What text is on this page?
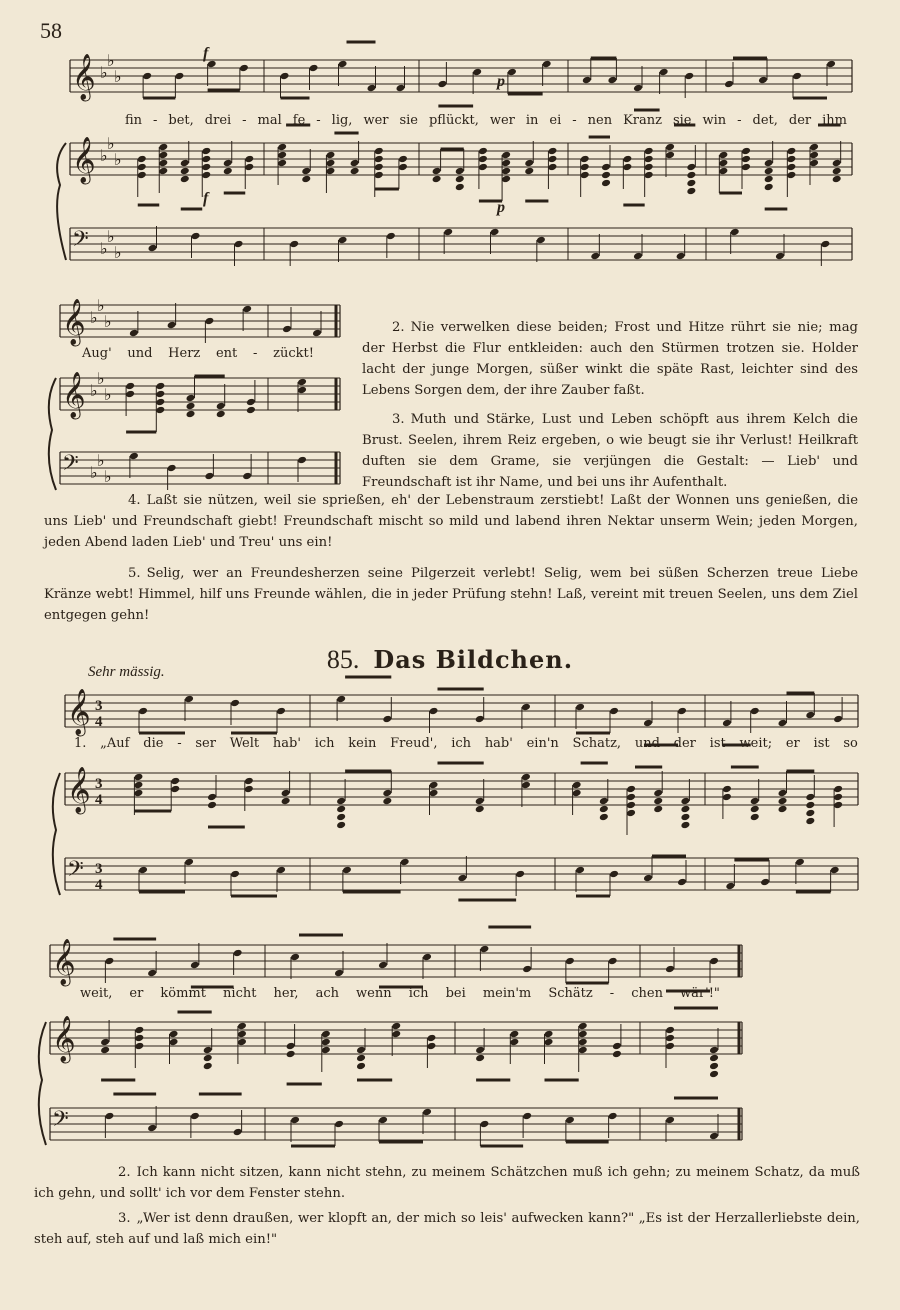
58
𝄞 ♭
♭
♭
𝄞 ♭
♭
♭
𝄢 ♭
♭
♭
𝄞 ♭
♭
♭
𝄞 ♭
♭
♭
𝄢 ♭
♭
♭
𝄞 3
4
𝄞 3
4
𝄢 3
4
𝄞
𝄞
𝄢
f
p
f
p
fin - bet, drei - mal fe - lig, wer sie pflückt, wer in ei - nen Kranz sie win - det, der ihm
Aug' und Herz ent - zückt!
2. Nie verwelken diese beiden; Frost und Hitze rührt sie nie; mag der Herbst die Flur entkleiden: auch den Stürmen trotzen sie. Holder lacht der junge Morgen, süßer winkt die späte Rast, leichter sind des Lebens Sorgen dem, der ihre Zauber faßt.
3. Muth und Stärke, Lust und Leben schöpft aus ihrem Kelch die Brust. Seelen, ihrem Reiz ergeben, o wie beugt sie ihr Verlust! Heilkraft duften sie dem Grame, sie verjüngen die Gestalt: — Lieb' und Freundschaft ist ihr Name, und bei uns ihr Aufenthalt.
4. Laßt sie nützen, weil sie sprießen, eh' der Lebenstraum zerstiebt! Laßt der Wonnen uns genießen, die uns Lieb' und Freundschaft giebt! Freundschaft mischt so mild und labend ihren Nektar unserm Wein; jeden Morgen, jeden Abend laden Lieb' und Treu' uns ein!
5. Selig, wer an Freundesherzen seine Pilgerzeit verlebt! Selig, wem bei süßen Scherzen treue Liebe Kränze webt! Himmel, hilf uns Freunde wählen, die in jeder Prüfung stehn! Laß, vereint mit treuen Seelen, uns dem Ziel entgegen gehn!
Sehr mässig.	85. Das Bildchen.
1. „Auf die - ser Welt hab' ich kein Freud', ich hab' ein'n Schatz, und der ist weit; er ist so
weit, er kömmt nicht her, ach wenn ich bei mein'm Schätz - chen wär'!"
2. Ich kann nicht sitzen, kann nicht stehn, zu meinem Schätzchen muß ich gehn; zu meinem Schatz, da muß ich gehn, und sollt' ich vor dem Fenster stehn.
3. „Wer ist denn draußen, wer klopft an, der mich so leis' aufwecken kann?" „Es ist der Herzallerliebste dein, steh auf, steh auf und laß mich ein!"
